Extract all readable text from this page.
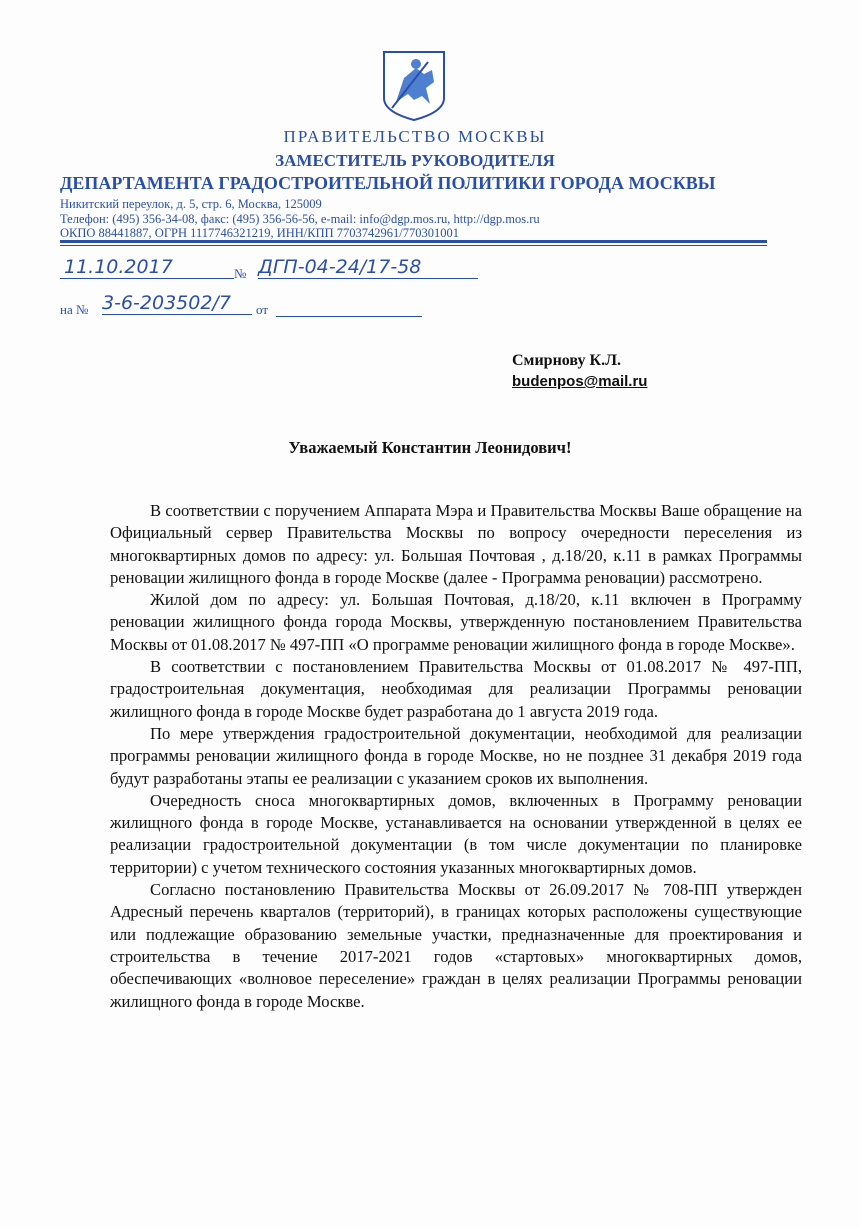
ПРАВИТЕЛЬСТВО МОСКВЫ
ЗАМЕСТИТЕЛЬ РУКОВОДИТЕЛЯ
ДЕПАРТАМЕНТА ГРАДОСТРОИТЕЛЬНОЙ ПОЛИТИКИ ГОРОДА МОСКВЫ
Никитский переулок, д. 5, стр. 6, Москва, 125009
Телефон: (495) 356-34-08, факс: (495) 356-56-56, e-mail: info@dgp.mos.ru, http://dgp.mos.ru
ОКПО 88441887, ОГРН 1117746321219, ИНН/КПП 7703742961/770301001
11.10.2017	№ ДГП-04-24/17-58
на № 3-6-203502/7	от
Смирнову К.Л.
budenpos@mail.ru
Уважаемый Константин Леонидович!

В соответствии с поручением Аппарата Мэра и Правительства Москвы Ваше обращение на Официальный сервер Правительства Москвы по вопросу очередности переселения из многоквартирных домов по адресу: ул. Большая Почтовая , д.18/20, к.11 в рамках Программы реновации жилищного фонда в городе Москве (далее - Программа реновации) рассмотрено.

Жилой дом по адресу: ул. Большая Почтовая, д.18/20, к.11 включен в Программу реновации жилищного фонда города Москвы, утвержденную постановлением Правительства Москвы от 01.08.2017 № 497-ПП «О программе реновации жилищного фонда в городе Москве».

В соответствии с постановлением Правительства Москвы от 01.08.2017 № 497-ПП, градостроительная документация, необходимая для реализации Программы реновации жилищного фонда в городе Москве будет разработана до 1 августа 2019 года.

По мере утверждения градостроительной документации, необходимой для реализации программы реновации жилищного фонда в городе Москве, но не позднее 31 декабря 2019 года будут разработаны этапы ее реализации с указанием сроков их выполнения.

Очередность сноса многоквартирных домов, включенных в Программу реновации жилищного фонда в городе Москве, устанавливается на основании утвержденной в целях ее реализации градостроительной документации (в том числе документации по планировке территории) с учетом технического состояния указанных многоквартирных домов.

Согласно постановлению Правительства Москвы от 26.09.2017 № 708-ПП утвержден Адресный перечень кварталов (территорий), в границах которых расположены существующие или подлежащие образованию земельные участки, предназначенные для проектирования и строительства в течение 2017-2021 годов «стартовых» многоквартирных домов, обеспечивающих «волновое переселение» граждан в целях реализации Программы реновации жилищного фонда в городе Москве.
